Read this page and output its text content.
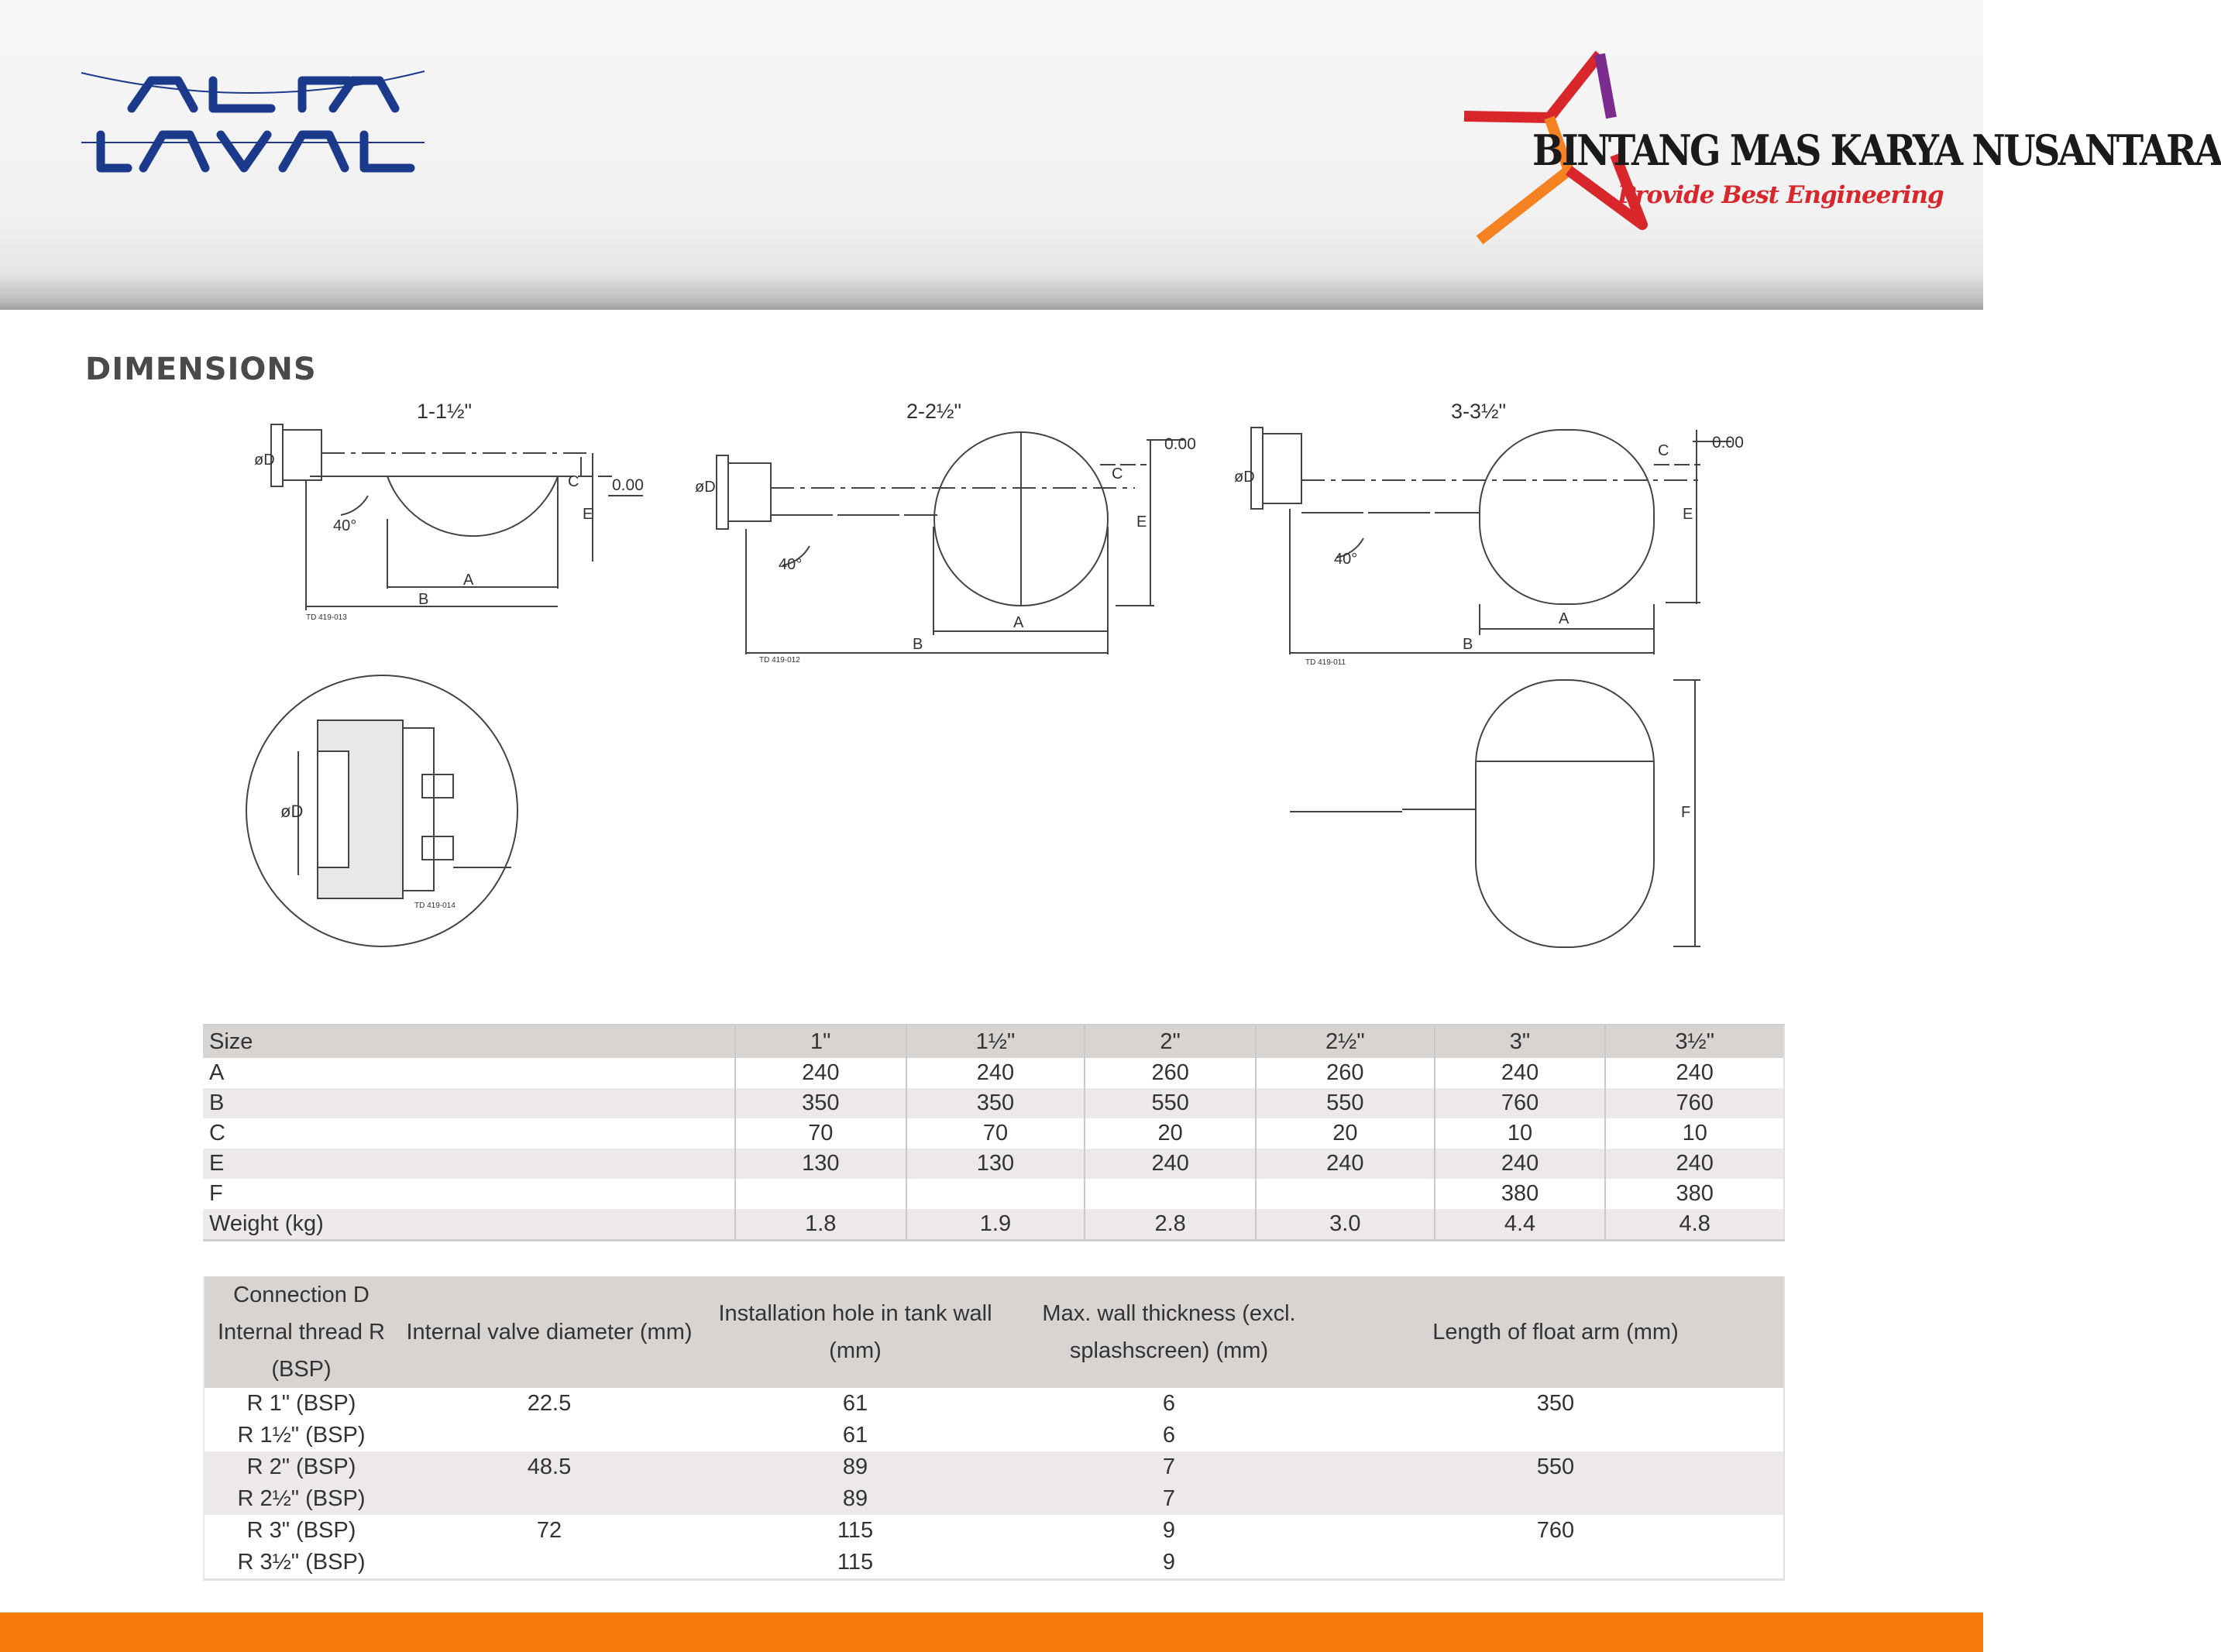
BINTANG MAS KARYA NUSANTARA
Provide Best Engineering
DIMENSIONS
1-1½"	2-2½"	3-3½"
0.00
0.00	0.00
40°
40°	40°
øD
C
E
A
B
TD 419-013
øD
C
E
A
B
TD 419-012
øD
C
E
A
B
TD 419-011
øD
TD 419-014
F
Size	1"	1½"	2"	2½"	3"	3½"
A	240	240	260	260	240	240
B	350	350	550	550	760	760
C	70	70	20	20	10	10
E	130	130	240	240	240	240
F					380	380
Weight (kg)	1.8	1.9	2.8	3.0	4.4	4.8
Connection D Internal thread R (BSP)	Internal valve diameter (mm)	Installation hole in tank wall (mm)	Max. wall thickness (excl. splashscreen) (mm)	Length of float arm (mm)
R 1" (BSP)	22.5	61	6	350
R 1½" (BSP)		61	6	
R 2" (BSP)	48.5	89	7	550
R 2½" (BSP)		89	7	
R 3" (BSP)	72	115	9	760
R 3½" (BSP)		115	9	
